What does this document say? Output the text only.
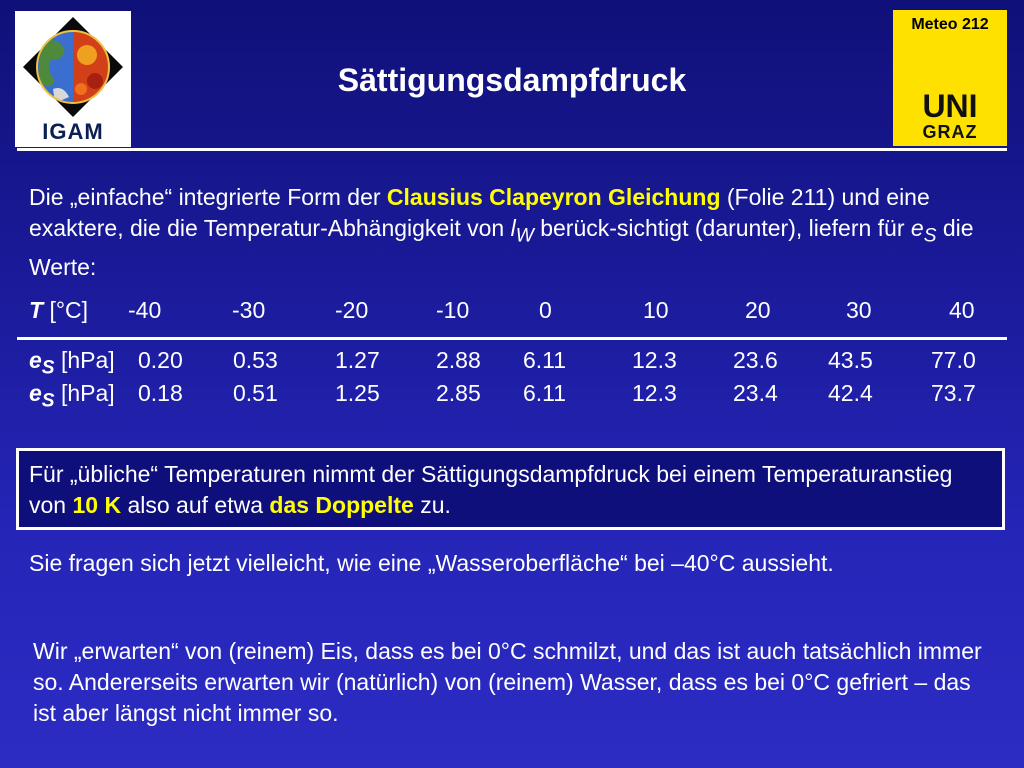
IGAM
Sättigungsdampfdruck
Meteo 212
UNI
GRAZ
Die „einfache“ integrierte Form der Clausius Clapeyron Gleichung (Folie 211) und eine exaktere, die die Temperatur-Abhängigkeit von $l_W$ berück-sichtigt (darunter), liefern für $e_S$ die Werte:
T [°C] -40	-30	-20	-10	0	10	20	30	40
$e_S$ [hPa] 0.20 0.53 1.27 2.88 6.11	12.3 23.6 43.5	77.0
$e_S$ [hPa] 0.18 0.51 1.25 2.85 6.11	12.3 23.4 42.4	73.7

Für „übliche“ Temperaturen nimmt der Sättigungsdampfdruck bei einem Temperaturanstieg von 10 K also auf etwa das Doppelte zu.

Sie fragen sich jetzt vielleicht, wie eine „Wasseroberfläche“ bei –40°C aussieht.
Wir „erwarten“ von (reinem) Eis, dass es bei 0°C schmilzt, und das ist auch tatsächlich immer so. Andererseits erwarten wir (natürlich) von (reinem) Wasser, dass es bei 0°C gefriert – das ist aber längst nicht immer so.
